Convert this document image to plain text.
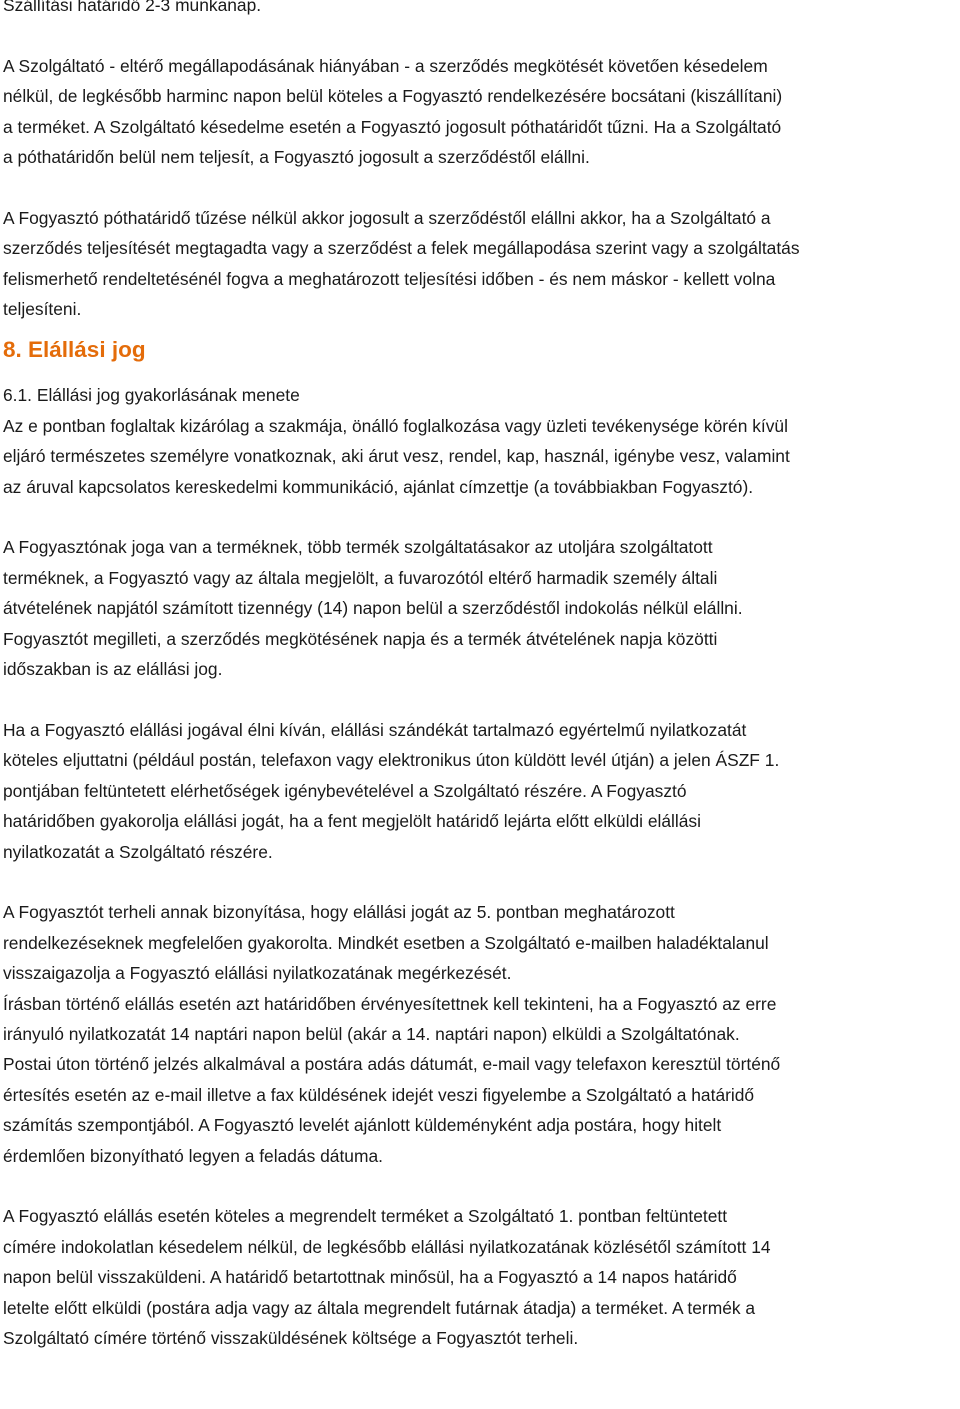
Szállítási határidő 2-3 munkanap.
A Szolgáltató - eltérő megállapodásának hiányában - a szerződés megkötését követően késedelem
nélkül, de legkésőbb harminc napon belül köteles a Fogyasztó rendelkezésére bocsátani (kiszállítani)
a terméket. A Szolgáltató késedelme esetén a Fogyasztó jogosult póthatáridőt tűzni. Ha a Szolgáltató
a póthatáridőn belül nem teljesít, a Fogyasztó jogosult a szerződéstől elállni.
A Fogyasztó póthatáridő tűzése nélkül akkor jogosult a szerződéstől elállni akkor, ha a Szolgáltató a
szerződés teljesítését megtagadta vagy a szerződést a felek megállapodása szerint vagy a szolgáltatás
felismerhető rendeltetésénél fogva a meghatározott teljesítési időben - és nem máskor - kellett volna
teljesíteni.
8. Elállási jog
6.1. Elállási jog gyakorlásának menete
Az e pontban foglaltak kizárólag a szakmája, önálló foglalkozása vagy üzleti tevékenysége körén kívül
eljáró természetes személyre vonatkoznak, aki árut vesz, rendel, kap, használ, igénybe vesz, valamint
az áruval kapcsolatos kereskedelmi kommunikáció, ajánlat címzettje (a továbbiakban Fogyasztó).
A Fogyasztónak joga van a terméknek, több termék szolgáltatásakor az utoljára szolgáltatott
terméknek, a Fogyasztó vagy az általa megjelölt, a fuvarozótól eltérő harmadik személy általi
átvételének napjától számított tizennégy (14) napon belül a szerződéstől indokolás nélkül elállni.
Fogyasztót megilleti, a szerződés megkötésének napja és a termék átvételének napja közötti
időszakban is az elállási jog.
Ha a Fogyasztó elállási jogával élni kíván, elállási szándékát tartalmazó egyértelmű nyilatkozatát
köteles eljuttatni (például postán, telefaxon vagy elektronikus úton küldött levél útján) a jelen ÁSZF 1.
pontjában feltüntetett elérhetőségek igénybevételével a Szolgáltató részére. A Fogyasztó
határidőben gyakorolja elállási jogát, ha a fent megjelölt határidő lejárta előtt elküldi elállási
nyilatkozatát a Szolgáltató részére.
A Fogyasztót terheli annak bizonyítása, hogy elállási jogát az 5. pontban meghatározott
rendelkezéseknek megfelelően gyakorolta. Mindkét esetben a Szolgáltató e-mailben haladéktalanul
visszaigazolja a Fogyasztó elállási nyilatkozatának megérkezését.
Írásban történő elállás esetén azt határidőben érvényesítettnek kell tekinteni, ha a Fogyasztó az erre
irányuló nyilatkozatát 14 naptári napon belül (akár a 14. naptári napon) elküldi a Szolgáltatónak.
Postai úton történő jelzés alkalmával a postára adás dátumát, e-mail vagy telefaxon keresztül történő
értesítés esetén az e-mail illetve a fax küldésének idejét veszi figyelembe a Szolgáltató a határidő
számítás szempontjából. A Fogyasztó levelét ajánlott küldeményként adja postára, hogy hitelt
érdemlően bizonyítható legyen a feladás dátuma.
A Fogyasztó elállás esetén köteles a megrendelt terméket a Szolgáltató 1. pontban feltüntetett
címére indokolatlan késedelem nélkül, de legkésőbb elállási nyilatkozatának közlésétől számított 14
napon belül visszaküldeni. A határidő betartottnak minősül, ha a Fogyasztó a 14 napos határidő
letelte előtt elküldi (postára adja vagy az általa megrendelt futárnak átadja) a terméket. A termék a
Szolgáltató címére történő visszaküldésének költsége a Fogyasztót terheli.
